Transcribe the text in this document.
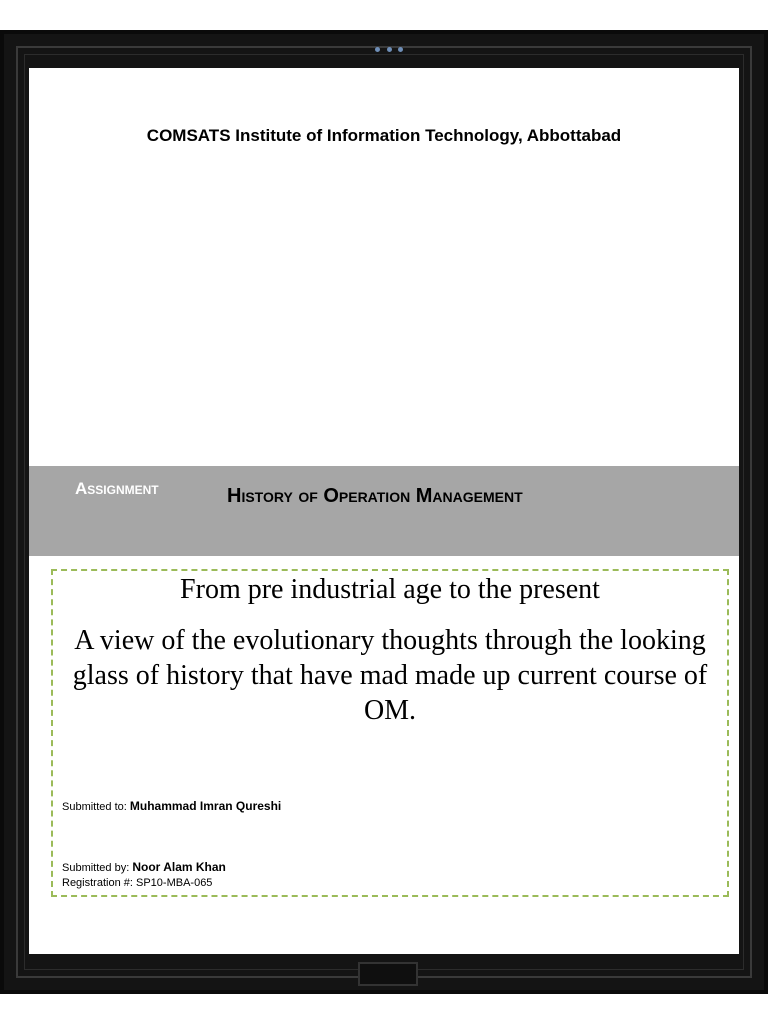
COMSATS Institute of Information Technology, Abbottabad
Assignment	History of Operation Management
From pre industrial age to the present
A view of the evolutionary thoughts through the looking glass of history that have mad made up current course of OM.
Submitted to: Muhammad Imran Qureshi
Submitted by: Noor Alam Khan
Registration #: SP10-MBA-065
